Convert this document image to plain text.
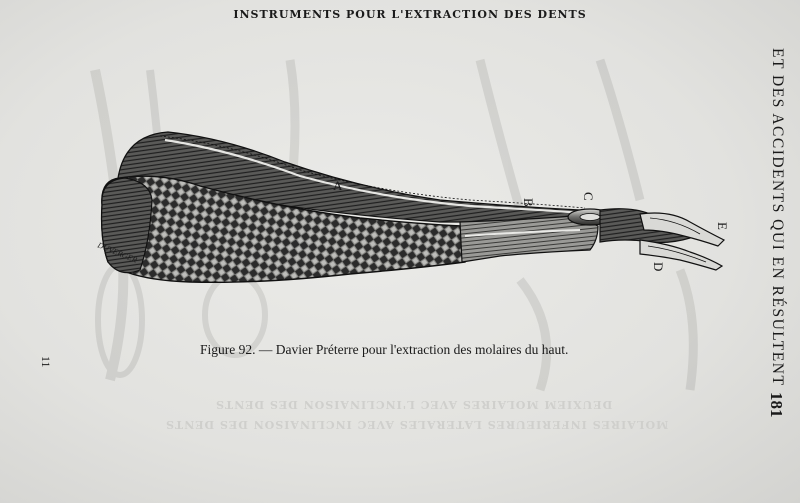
DEUXIEM MOLAIRES AVEC L'INCLINAISON DES DENTS
MOLAIRES INFERIEURES LATERALES AVEC INCLINAISON DES DENTS
A
B
C
D
E
DUVERGER
INSTRUMENTS POUR L'EXTRACTION DES DENTS
ET DES ACCIDENTS QUI EN RÉSULTENT
181
11
Figure 92. — Davier Préterre pour l'extraction des molaires du haut.
